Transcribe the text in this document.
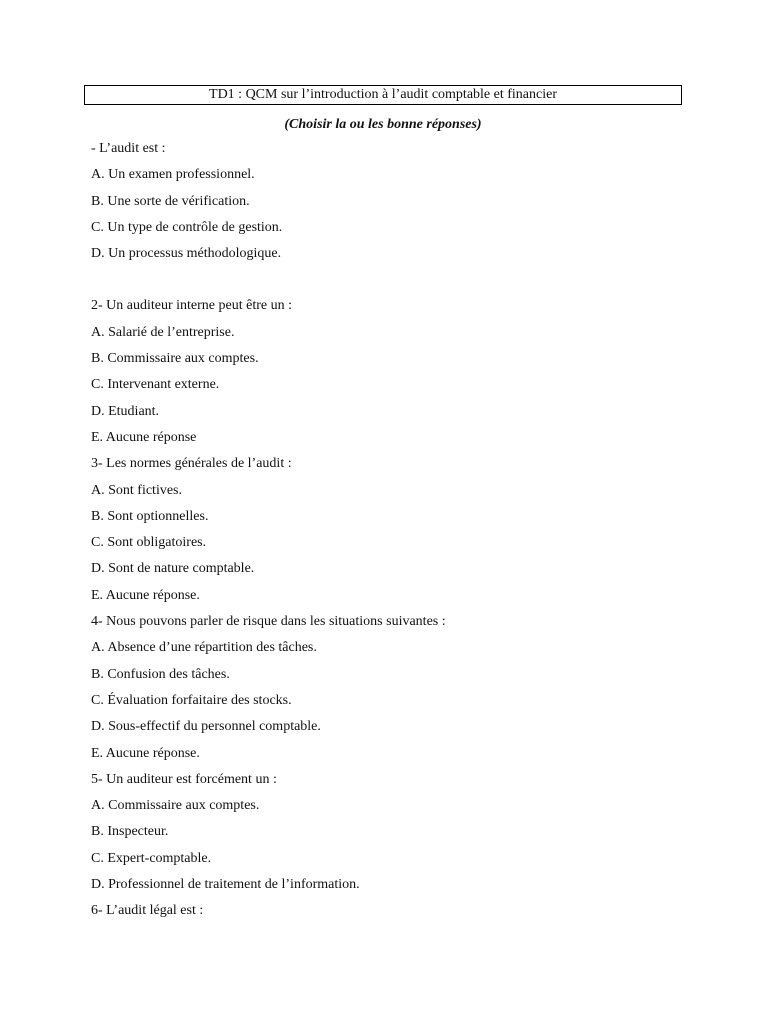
TD1 : QCM sur l’introduction à l’audit comptable et financier
(Choisir la ou les bonne réponses)
- L’audit est :
A. Un examen professionnel.
B. Une sorte de vérification.
C. Un type de contrôle de gestion.
D. Un processus méthodologique.
2- Un auditeur interne peut être un :
A. Salarié de l’entreprise.
B. Commissaire aux comptes.
C. Intervenant externe.
D. Etudiant.
E. Aucune réponse
3- Les normes générales de l’audit :
A. Sont fictives.
B. Sont optionnelles.
C. Sont obligatoires.
D. Sont de nature comptable.
E. Aucune réponse.
4- Nous pouvons parler de risque dans les situations suivantes :
A. Absence d’une répartition des tâches.
B. Confusion des tâches.
C. Évaluation forfaitaire des stocks.
D. Sous-effectif du personnel comptable.
E. Aucune réponse.
5- Un auditeur est forcément un :
A. Commissaire aux comptes.
B. Inspecteur.
C. Expert-comptable.
D. Professionnel de traitement de l’information.
6- L’audit légal est :
